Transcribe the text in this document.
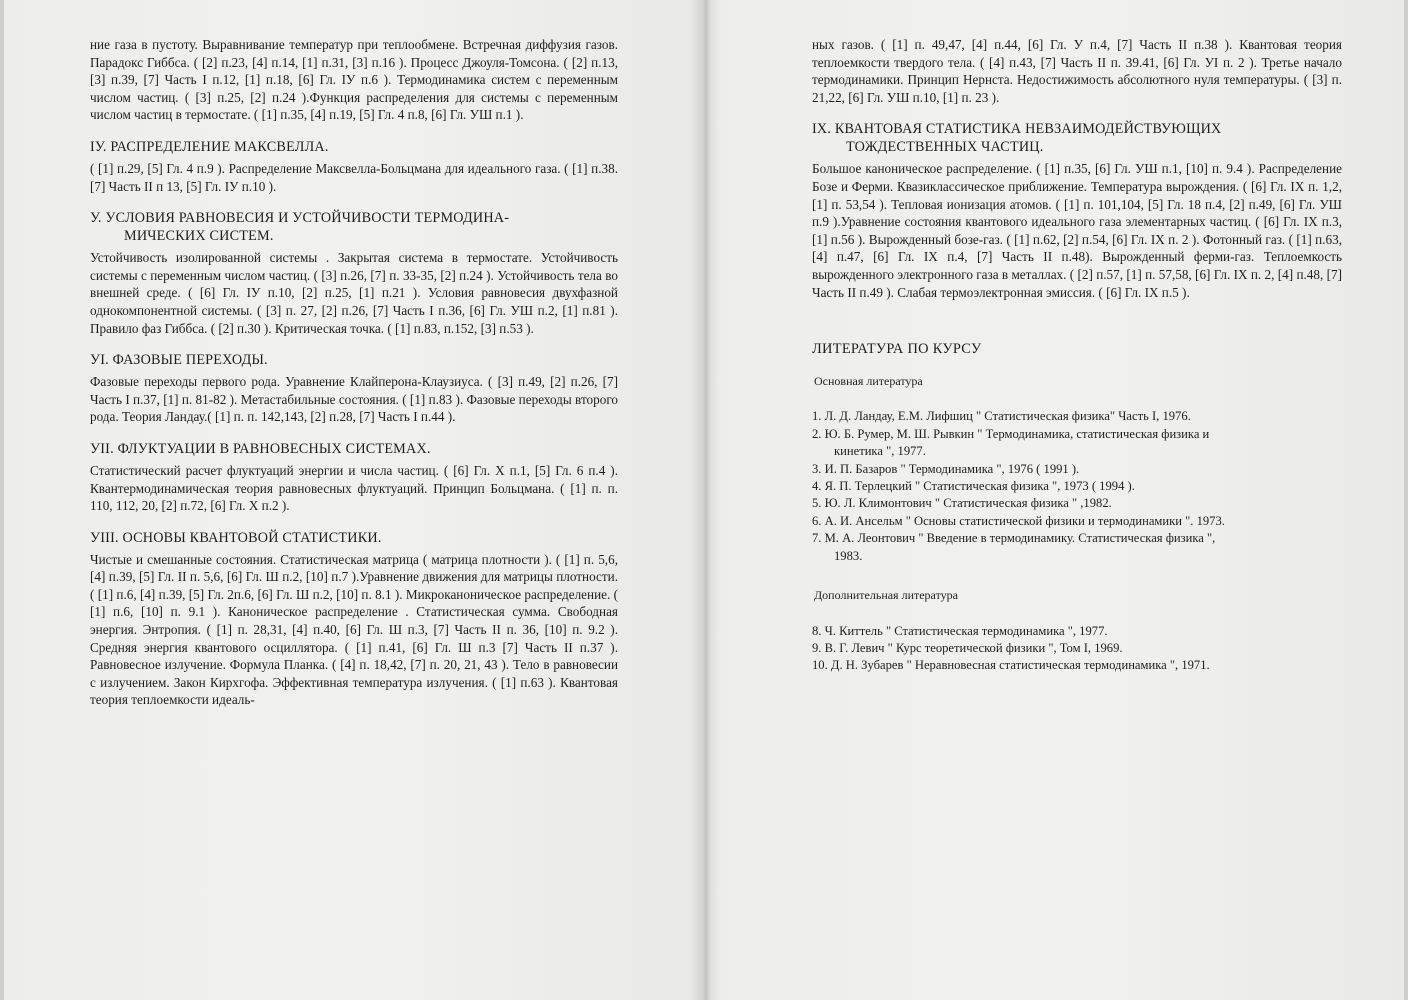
ние газа в пустоту. Выравнивание температур при теплообмене. Встречная диффузия газов. Парадокс Гиббса. ( [2] п.23, [4] п.14, [1] п.31, [3] п.16 ). Процесс Джоуля-Томсона. ( [2] п.13, [3] п.39, [7] Часть I п.12, [1] п.18, [6] Гл. IУ п.6 ). Термодинамика систем с переменным числом частиц. ( [3] п.25, [2] п.24 ).Функция распределения для системы с переменным числом частиц в термостате. ( [1] п.35, [4] п.19, [5] Гл. 4 п.8, [6] Гл. УШ п.1 ).

IУ. РАСПРЕДЕЛЕНИЕ МАКСВЕЛЛА.

( [1] п.29, [5] Гл. 4 п.9 ). Распределение Максвелла-Больцмана для идеального газа. ( [1] п.38. [7] Часть II п 13, [5] Гл. IУ п.10 ).

У. УСЛОВИЯ РАВНОВЕСИЯ И УСТОЙЧИВОСТИ ТЕРМОДИНА-
МИЧЕСКИХ СИСТЕМ.

Устойчивость изолированной системы . Закрытая система в термостате. Устойчивость системы с переменным числом частиц. ( [3] п.26, [7] п. 33-35, [2] п.24 ). Устойчивость тела во внешней среде. ( [6] Гл. IУ п.10, [2] п.25, [1] п.21 ). Условия равновесия двухфазной однокомпонентной системы. ( [3] п. 27, [2] п.26, [7] Часть I п.36, [6] Гл. УШ п.2, [1] п.81 ). Правило фаз Гиббса. ( [2] п.30 ). Критическая точка. ( [1] п.83, п.152, [3] п.53 ).

УI. ФАЗОВЫЕ ПЕРЕХОДЫ.

Фазовые переходы первого рода. Уравнение Клайперона-Клаузиуса. ( [3] п.49, [2] п.26, [7] Часть I п.37, [1] п. 81-82 ). Метастабильные состояния. ( [1] п.83 ). Фазовые переходы второго рода. Теория Ландау.( [1] п. п. 142,143, [2] п.28, [7] Часть I п.44 ).

УII. ФЛУКТУАЦИИ В РАВНОВЕСНЫХ СИСТЕМАХ.

Статистический расчет флуктуаций энергии и числа частиц. ( [6] Гл. X п.1, [5] Гл. 6 п.4 ). Квантермодинамическая теория равновесных флуктуаций. Принцип Больцмана. ( [1] п. п. 110, 112, 20, [2] п.72, [6] Гл. X п.2 ).

УIII. ОСНОВЫ КВАНТОВОЙ СТАТИСТИКИ.

Чистые и смешанные состояния. Статистическая матрица ( матрица плотности ). ( [1] п. 5,6, [4] п.39, [5] Гл. II п. 5,6, [6] Гл. Ш п.2, [10] п.7 ).Уравнение движения для матрицы плотности. ( [1] п.6, [4] п.39, [5] Гл. 2п.6, [6] Гл. Ш п.2, [10] п. 8.1 ). Микроканоническое распределение. ( [1] п.6, [10] п. 9.1 ). Каноническое распределение . Статистическая сумма. Свободная энергия. Энтропия. ( [1] п. 28,31, [4] п.40, [6] Гл. Ш п.3, [7] Часть II п. 36, [10] п. 9.2 ). Средняя энергия квантового осциллятора. ( [1] п.41, [6] Гл. Ш п.3 [7] Часть II п.37 ). Равновесное излучение. Формула Планка. ( [4] п. 18,42, [7] п. 20, 21, 43 ). Тело в равновесии с излучением. Закон Кирхгофа. Эффективная температура излучения. ( [1] п.63 ). Квантовая теория теплоемкости идеаль-

ных газов. ( [1] п. 49,47, [4] п.44, [6] Гл. У п.4, [7] Часть II п.38 ). Квантовая теория теплоемкости твердого тела. ( [4] п.43, [7] Часть II п. 39.41, [6] Гл. УI п. 2 ). Третье начало термодинамики. Принцип Нернста. Недостижимость абсолютного нуля температуры. ( [3] п. 21,22, [6] Гл. УШ п.10, [1] п. 23 ).

IX. КВАНТОВАЯ СТАТИСТИКА НЕВЗАИМОДЕЙСТВУЮЩИХ
ТОЖДЕСТВЕННЫХ ЧАСТИЦ.

Большое каноническое распределение. ( [1] п.35, [6] Гл. УШ п.1, [10] п. 9.4 ). Распределение Бозе и Ферми. Квазиклассическое приближение. Температура вырождения. ( [6] Гл. IX п. 1,2, [1] п. 53,54 ). Тепловая ионизация атомов. ( [1] п. 101,104, [5] Гл. 18 п.4, [2] п.49, [6] Гл. УШ п.9 ).Уравнение состояния квантового идеального газа элементарных частиц. ( [6] Гл. IX п.3, [1] п.56 ). Вырожденный бозе-газ. ( [1] п.62, [2] п.54, [6] Гл. IX п. 2 ). Фотонный газ. ( [1] п.63, [4] п.47, [6] Гл. IX п.4, [7] Часть II п.48). Вырожденный ферми-газ. Теплоемкость вырожденного электронного газа в металлах. ( [2] п.57, [1] п. 57,58, [6] Гл. IX п. 2, [4] п.48, [7] Часть II п.49 ). Слабая термоэлектронная эмиссия. ( [6] Гл. IX п.5 ).

ЛИТЕРАТУРА ПО КУРСУ
Основная литература
1. Л. Д. Ландау, Е.М. Лифшиц " Статистическая физика" Часть I, 1976.
2. Ю. Б. Румер, М. Ш. Рывкин " Термодинамика, статистическая физика и
кинетика ", 1977.
3. И. П. Базаров " Термодинамика ", 1976 ( 1991 ).
4. Я. П. Терлецкий " Статистическая физика ", 1973 ( 1994 ).
5. Ю. Л. Климонтович " Статистическая физика " ,1982.
6. А. И. Ансельм " Основы статистической физики и термодинамики ". 1973.
7. М. А. Леонтович " Введение в термодинамику. Статистическая физика ",
1983.
Дополнительная литература
8. Ч. Киттель " Статистическая термодинамика ", 1977.
9. В. Г. Левич " Курс теоретической физики ", Том I, 1969.
10. Д. Н. Зубарев " Неравновесная статистическая термодинамика ", 1971.
